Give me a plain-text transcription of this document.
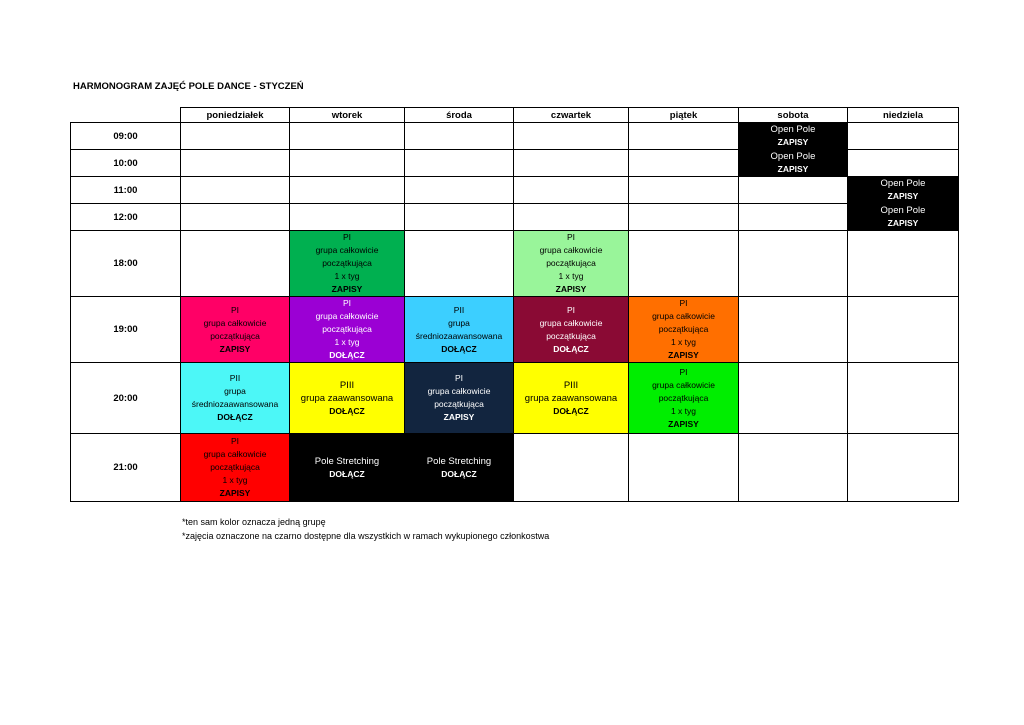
HARMONOGRAM ZAJĘĆ POLE DANCE - STYCZEŃ
	poniedziałek	wtorek	środa	czwartek	piątek	sobota	niedziela
09:00						Open Pole
ZAPISY	

10:00						Open Pole
ZAPISY	

11:00							Open Pole
ZAPISY

12:00							Open Pole
ZAPISY

18:00		PI
grupa całkowicie
początkująca
1 x tyg
ZAPISY		PI
grupa całkowicie
początkująca
1 x tyg
ZAPISY			

19:00	PI
grupa całkowicie
początkująca
ZAPISY	PI
grupa całkowicie
początkująca
1 x tyg
DOŁĄCZ	PII
grupa
średniozaawansowana
DOŁĄCZ	PI
grupa całkowicie
początkująca
DOŁĄCZ	PI
grupa całkowicie
początkująca
1 x tyg
ZAPISY		

20:00	PII
grupa
średniozaawansowana
DOŁĄCZ	PIII
grupa zaawansowana
DOŁĄCZ	PI
grupa całkowicie
początkująca
ZAPISY	PIII
grupa zaawansowana
DOŁĄCZ	PI
grupa całkowicie
początkująca
1 x tyg
ZAPISY		

21:00	PI
grupa całkowicie
początkująca
1 x tyg
ZAPISY	Pole Stretching
DOŁĄCZ	Pole Stretching
DOŁĄCZ				

*ten sam kolor oznacza jedną grupę
*zajęcia oznaczone na czarno dostępne dla wszystkich w ramach wykupionego członkostwa
